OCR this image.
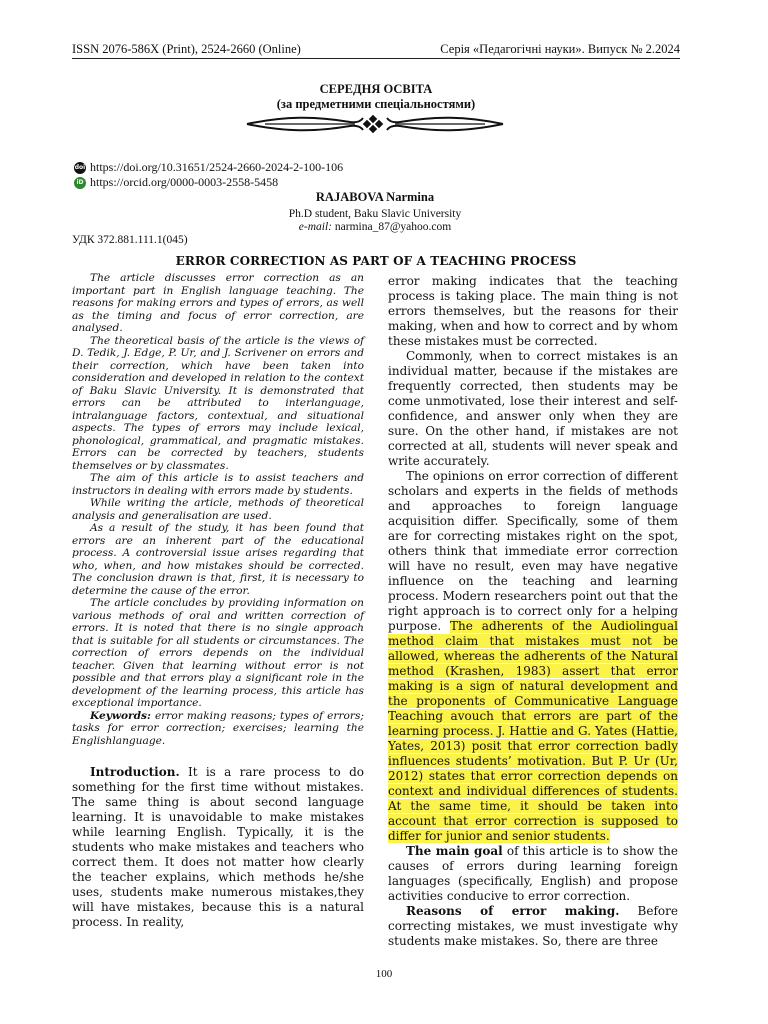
ISSN 2076-586X (Print), 2524-2660 (Online)	Серія «Педагогічні науки». Випуск № 2.2024
СЕРЕДНЯ ОСВІТА
(за предметними спеціальностями)
doi https://doi.org/10.31651/2524-2660-2024-2-100-106
iD https://orcid.org/0000-0003-2558-5458
RAJABOVA Narmina
Ph.D student, Baku Slavic University
e-mail: narmina_87@yahoo.com
УДК 372.881.111.1(045)
ERROR CORRECTION AS PART OF A TEACHING PROCESS

The article discusses error correction as an important part in English language teaching. The reasons for making errors and types of errors, as well as the timing and focus of error correction, are analysed.

The theoretical basis of the article is the views of D. Tedik, J. Edge, P. Ur, and J. Scrivener on errors and their correction, which have been taken into consideration and developed in relation to the context of Baku Slavic University. It is demonstrated that errors can be attributed to interlanguage, intralanguage factors, contextual, and situational aspects. The types of errors may include lexical, phonological, grammatical, and pragmatic mistakes. Errors can be corrected by teachers, students themselves or by classmates.

The aim of this article is to assist teachers and instructors in dealing with errors made by students.

While writing the article, methods of theoretical analysis and generalisation are used.

As a result of the study, it has been found that errors are an inherent part of the educational process. A controversial issue arises regarding that who, when, and how mistakes should be corrected. The conclusion drawn is that, first, it is necessary to determine the cause of the error.

The article concludes by providing information on various methods of oral and written correction of errors. It is noted that there is no single approach that is suitable for all students or circumstances. The correction of errors depends on the individual teacher. Given that learning without error is not possible and that errors play a significant role in the development of the learning process, this article has exceptional importance.

Keywords: error making reasons; types of errors; tasks for error correction; exercises; learning the Englishlanguage.

Introduction. It is a rare process to do something for the first time without mistakes. The same thing is about second language learning. It is unavoidable to make mistakes while learning English. Typically, it is the students who make mistakes and teachers who correct them. It does not matter how clearly the teacher explains, which methods he/she uses, students make numerous mistakes,they will have mistakes, because this is a natural process. In reality,

error making indicates that the teaching process is taking place. The main thing is not errors themselves, but the reasons for their making, when and how to correct and by whom these mistakes must be corrected.

Commonly, when to correct mistakes is an individual matter, because if the mistakes are frequently corrected, then students may be come unmotivated, lose their interest and self-confidence, and answer only when they are sure. On the other hand, if mistakes are not corrected at all, students will never speak and write accurately.

The opinions on error correction of different scholars and experts in the fields of methods and approaches to foreign language acquisition differ. Specifically, some of them are for correcting mistakes right on the spot, others think that immediate error correction will have no result, even may have negative influence on the teaching and learning process. Modern researchers point out that the right approach is to correct only for a helping purpose. The adherents of the Audiolingual method claim that mistakes must not be allowed, whereas the adherents of the Natural method (Krashen, 1983) assert that error making is a sign of natural development and the proponents of Communicative Language Teaching avouch that errors are part of the learning process. J. Hattie and G. Yates (Hattie, Yates, 2013) posit that error correction badly influences students’ motivation. But P. Ur (Ur, 2012) states that error correction depends on context and individual differences of students. At the same time, it should be taken into account that error correction is supposed to differ for junior and senior students.

The main goal of this article is to show the causes of errors during learning foreign languages (specifically, English) and propose activities conducive to error correction.

Reasons of error making. Before correcting mistakes, we must investigate why students make mistakes. So, there are three

100
